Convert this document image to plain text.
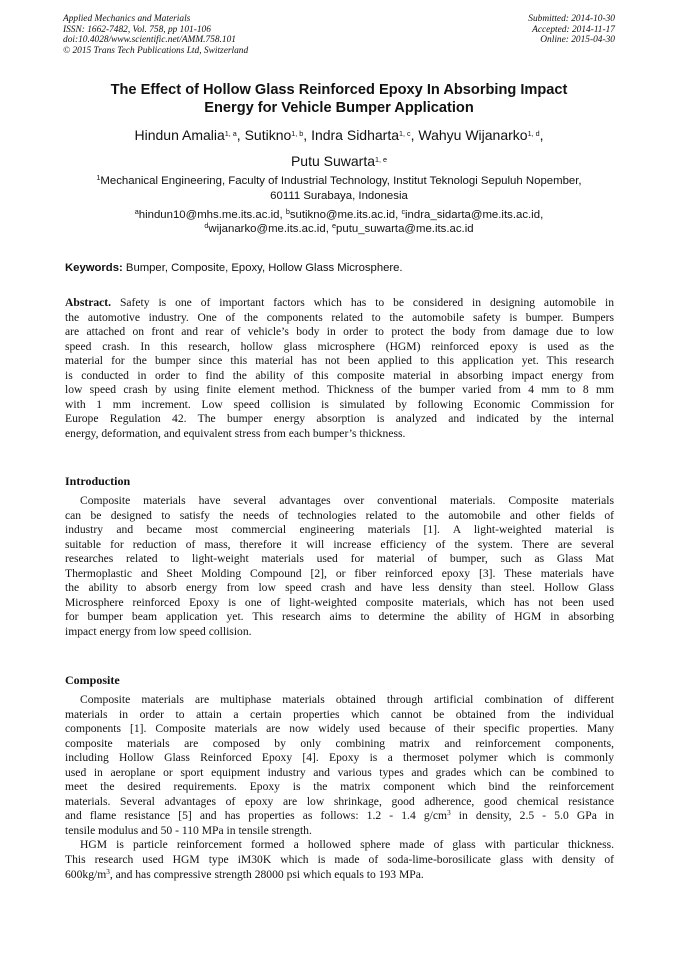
Applied Mechanics and Materials
ISSN: 1662-7482, Vol. 758, pp 101-106
doi:10.4028/www.scientific.net/AMM.758.101
© 2015 Trans Tech Publications Ltd, Switzerland
Submitted: 2014-10-30
Accepted: 2014-11-17
Online: 2015-04-30
The Effect of Hollow Glass Reinforced Epoxy In Absorbing Impact
Energy for Vehicle Bumper Application
Hindun Amalia$^{1, a}$, Sutikno$^{1, b}$, Indra Sidharta$^{1, c}$, Wahyu Wijanarko$^{1, d}$,
Putu Suwarta$^{1, e}$
$^1$Mechanical Engineering, Faculty of Industrial Technology, Institut Teknologi Sepuluh Nopember,
60111 Surabaya, Indonesia
$^a$hindun10@mhs.me.its.ac.id, $^b$sutikno@me.its.ac.id, $^c$indra_sidarta@me.its.ac.id,
$^d$wijanarko@me.its.ac.id, $^e$putu_suwarta@me.its.ac.id
Keywords: Bumper, Composite, Epoxy, Hollow Glass Microsphere.
Abstract. Safety is one of important factors which has to be considered in designing automobile in
the automotive industry. One of the components related to the automobile safety is bumper. Bumpers
are attached on front and rear of vehicle’s body in order to protect the body from damage due to low
speed crash. In this research, hollow glass microsphere (HGM) reinforced epoxy is used as the
material for the bumper since this material has not been applied to this application yet. This research
is conducted in order to find the ability of this composite material in absorbing impact energy from
low speed crash by using finite element method. Thickness of the bumper varied from 4 mm to 8 mm
with 1 mm increment. Low speed collision is simulated by following Economic Commission for
Europe Regulation 42. The bumper energy absorption is analyzed and indicated by the internal
energy, deformation, and equivalent stress from each bumper’s thickness.
Introduction
Composite materials have several advantages over conventional materials. Composite materials
can be designed to satisfy the needs of technologies related to the automobile and other fields of
industry and became most commercial engineering materials [1]. A light-weighted material is
suitable for reduction of mass, therefore it will increase efficiency of the system. There are several
researches related to light-weight materials used for material of bumper, such as Glass Mat
Thermoplastic and Sheet Molding Compound [2], or fiber reinforced epoxy [3]. These materials have
the ability to absorb energy from low speed crash and have less density than steel. Hollow Glass
Microsphere reinforced Epoxy is one of light-weighted composite materials, which has not been used
for bumper beam application yet. This research aims to determine the ability of HGM in absorbing
impact energy from low speed collision.
Composite
Composite materials are multiphase materials obtained through artificial combination of different
materials in order to attain a certain properties which cannot be obtained from the individual
components [1]. Composite materials are now widely used because of their specific properties. Many
composite materials are composed by only combining matrix and reinforcement components,
including Hollow Glass Reinforced Epoxy [4]. Epoxy is a thermoset polymer which is commonly
used in aeroplane or sport equipment industry and various types and grades which can be combined to
meet the desired requirements. Epoxy is the matrix component which bind the reinforcement
materials. Several advantages of epoxy are low shrinkage, good adherence, good chemical resistance
and flame resistance [5] and has properties as follows: 1.2 - 1.4 $g/cm^3$ in density, 2.5 - 5.0 GPa in
tensile modulus and 50 - 110 MPa in tensile strength.
HGM is particle reinforcement formed a hollowed sphere made of glass with particular thickness.
This research used HGM type iM30K which is made of soda-lime-borosilicate glass with density of
$600kg/m^3$, and has compressive strength 28000 psi which equals to 193 MPa.
